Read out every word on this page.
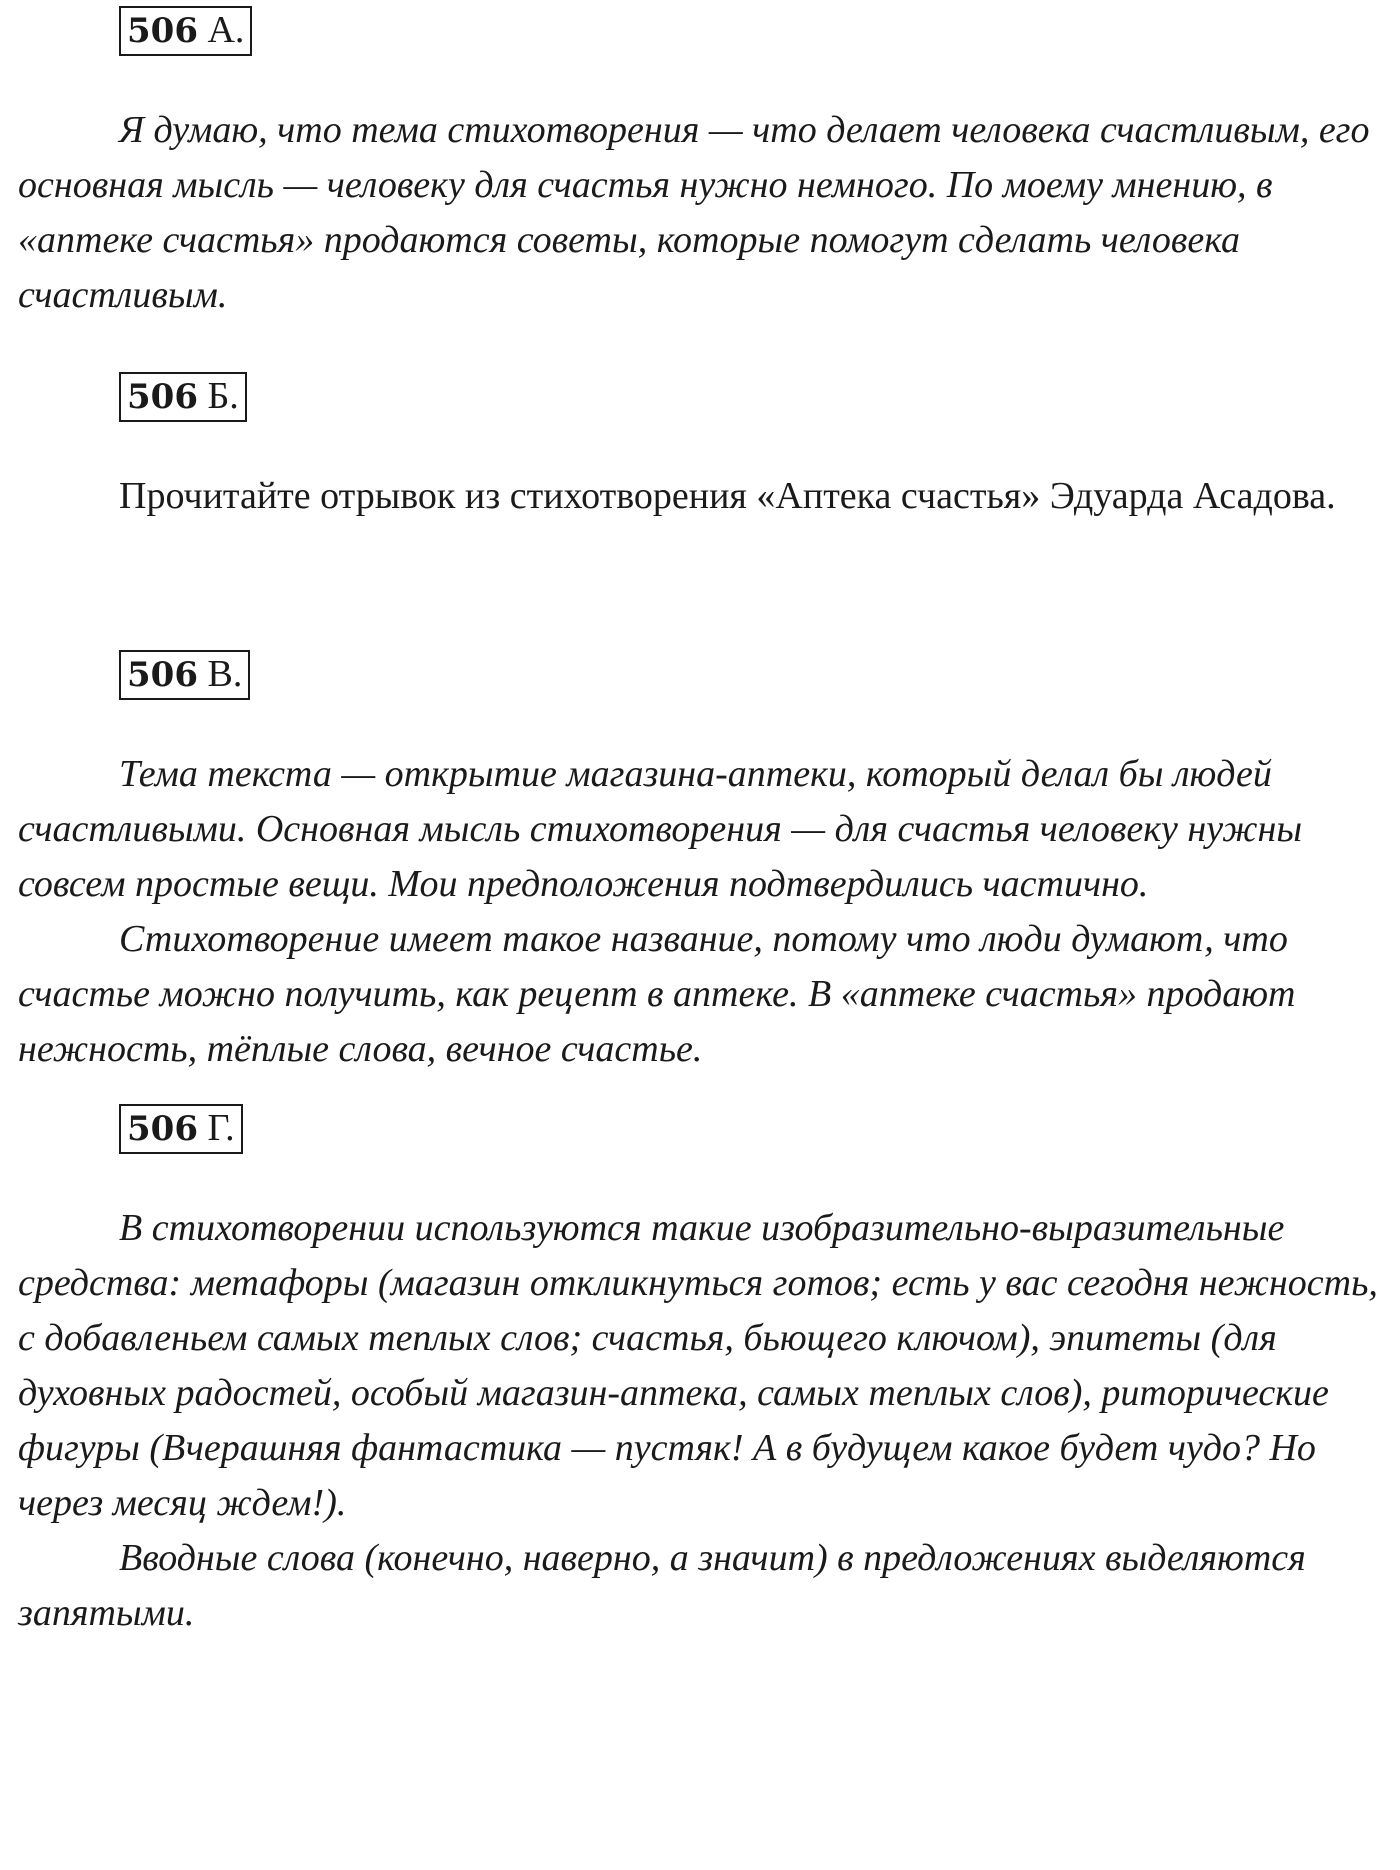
506 А.

Я думаю, что тема стихотворения — что делает человека счастливым, его основная мысль — человеку для счастья нужно немного. По моему мнению, в «аптеке счастья» продаются советы, которые помогут сделать человека счастливым.

506 Б.

Прочитайте отрывок из стихотворения «Аптека счастья» Эдуарда Асадова.

506 В.

Тема текста — открытие магазина-аптеки, который делал бы людей счастливыми. Основная мысль стихотворения — для счастья человеку нужны совсем простые вещи. Мои предположения подтвердились частично.

Стихотворение имеет такое название, потому что люди думают, что счастье можно получить, как рецепт в аптеке. В «аптеке счастья» продают нежность, тёплые слова, вечное счастье.

506 Г.

В стихотворении используются такие изобразительно-выразительные средства: метафоры (магазин откликнуться готов; есть у вас сегодня нежность, с добавленьем самых теплых слов; счастья, бьющего ключом), эпитеты (для духовных радостей, особый магазин-аптека, самых теплых слов), риторические фигуры (Вчерашняя фантастика — пустяк! А в будущем какое будет чудо? Но через месяц ждем!).

Вводные слова (конечно, наверно, а значит) в предложениях выделяются запятыми.
